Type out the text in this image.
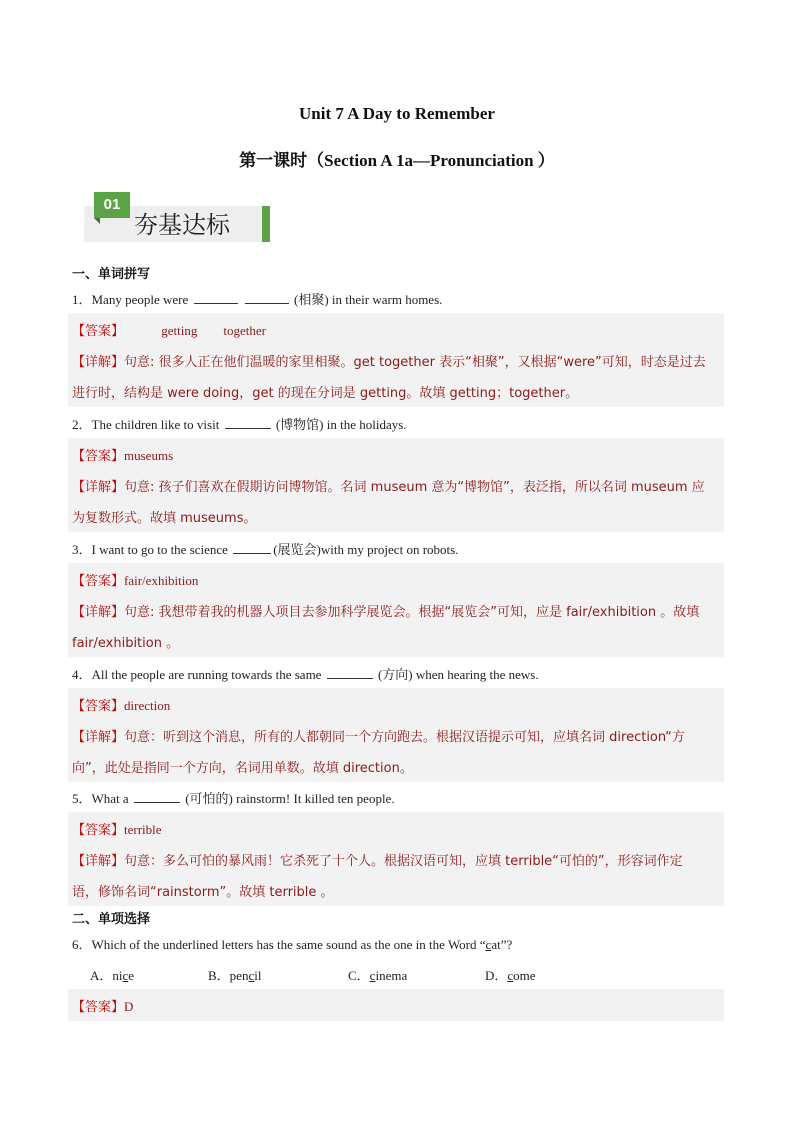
Unit 7 A Day to Remember
第一课时（Section A 1a—Pronunciation ）
01
夯基达标
一、单词拼写
1．Many people were	(相聚) in their warm homes.
【答案】	getting        together
【详解】句意: 很多人正在他们温暖的家里相聚。get together 表示“相聚”，又根据“were”可知，时态是过去
进行时，结构是 were doing，get 的现在分词是 getting。故填 getting；together。
2．The children like to visit	(博物馆) in the holidays.
【答案】museums
【详解】句意: 孩子们喜欢在假期访问博物馆。名词 museum 意为“博物馆”，表泛指，所以名词 museum 应
为复数形式。故填 museums。
3．I want to go to the science	(展览会)with my project on robots.
【答案】fair/exhibition
【详解】句意: 我想带着我的机器人项目去参加科学展览会。根据“展览会”可知，应是 fair/exhibition 。故填
fair/exhibition 。
4．All the people are running towards the same	(方向) when hearing the news.
【答案】direction
【详解】句意：听到这个消息，所有的人都朝同一个方向跑去。根据汉语提示可知，应填名词 direction“方
向”，此处是指同一个方向，名词用单数。故填 direction。
5．What a	(可怕的) rainstorm! It killed ten people.
【答案】terrible
【详解】句意：多么可怕的暴风雨！它杀死了十个人。根据汉语可知，应填 terrible“可怕的”，形容词作定
语，修饰名词“rainstorm”。故填 terrible 。
二、单项选择
6．Which of the underlined letters has the same sound as the one in the Word “cat”?
A．nice	B．pencil	C．cinema	D．come
【答案】D
